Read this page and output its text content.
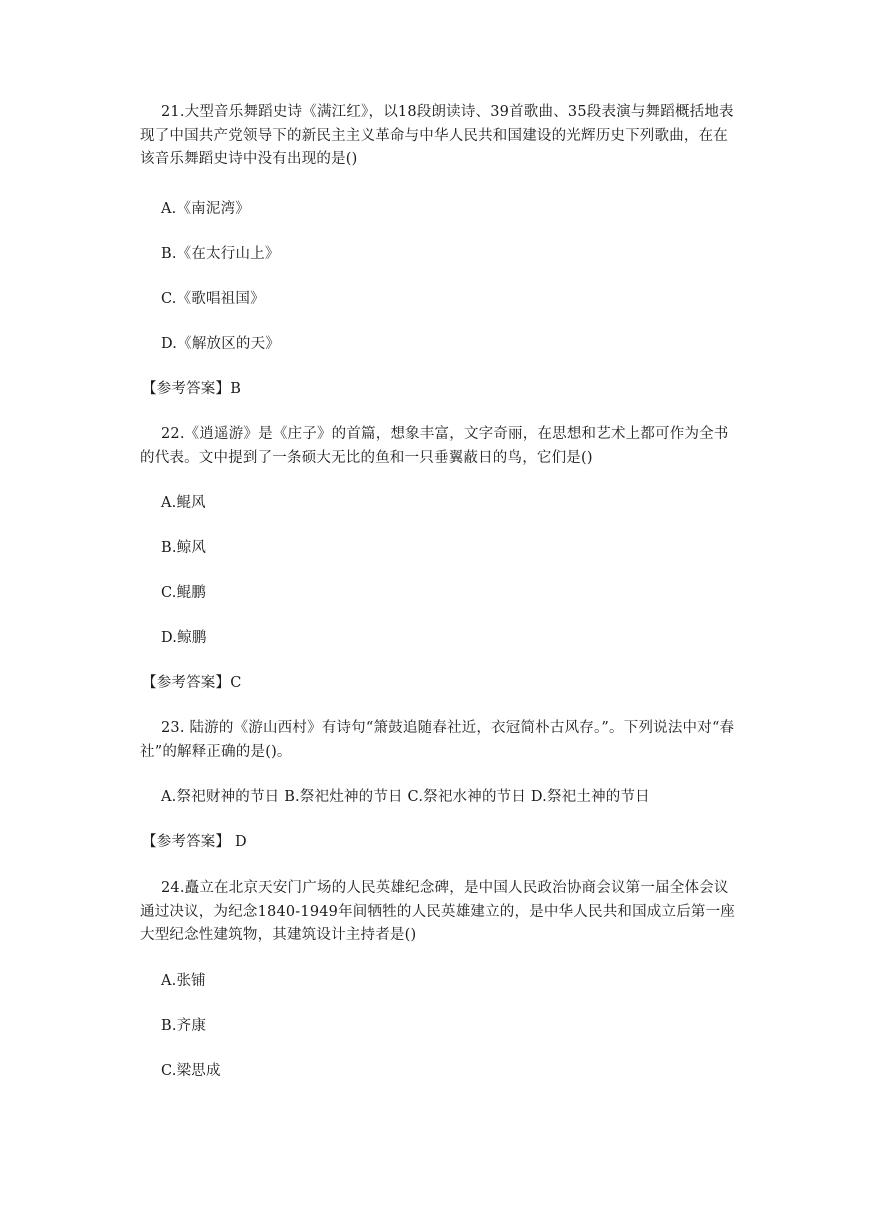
21.大型音乐舞蹈史诗《满江红》，以18段朗读诗、39首歌曲、35段表演与舞蹈概括地表现了中国共产党领导下的新民主主义革命与中华人民共和国建设的光辉历史下列歌曲，在在该音乐舞蹈史诗中没有出现的是()
A.《南泥湾》
B.《在太行山上》
C.《歌唱祖国》
D.《解放区的天》
【参考答案】B
22.《逍遥游》是《庄子》的首篇，想象丰富，文字奇丽，在思想和艺术上都可作为全书的代表。文中提到了一条硕大无比的鱼和一只垂翼蔽日的鸟，它们是()
A.鲲风
B.鲸风
C.鲲鹏
D.鲸鹏
【参考答案】C
23. 陆游的《游山西村》有诗句“箫鼓追随春社近，衣冠简朴古风存。”。下列说法中对“春社”的解释正确的是()。
A.祭祀财神的节日 B.祭祀灶神的节日 C.祭祀水神的节日 D.祭祀土神的节日
【参考答案】 D
24.矗立在北京天安门广场的人民英雄纪念碑，是中国人民政治协商会议第一届全体会议通过决议，为纪念1840-1949年间牺牲的人民英雄建立的，是中华人民共和国成立后第一座大型纪念性建筑物，其建筑设计主持者是()
A.张铺
B.齐康
C.梁思成
